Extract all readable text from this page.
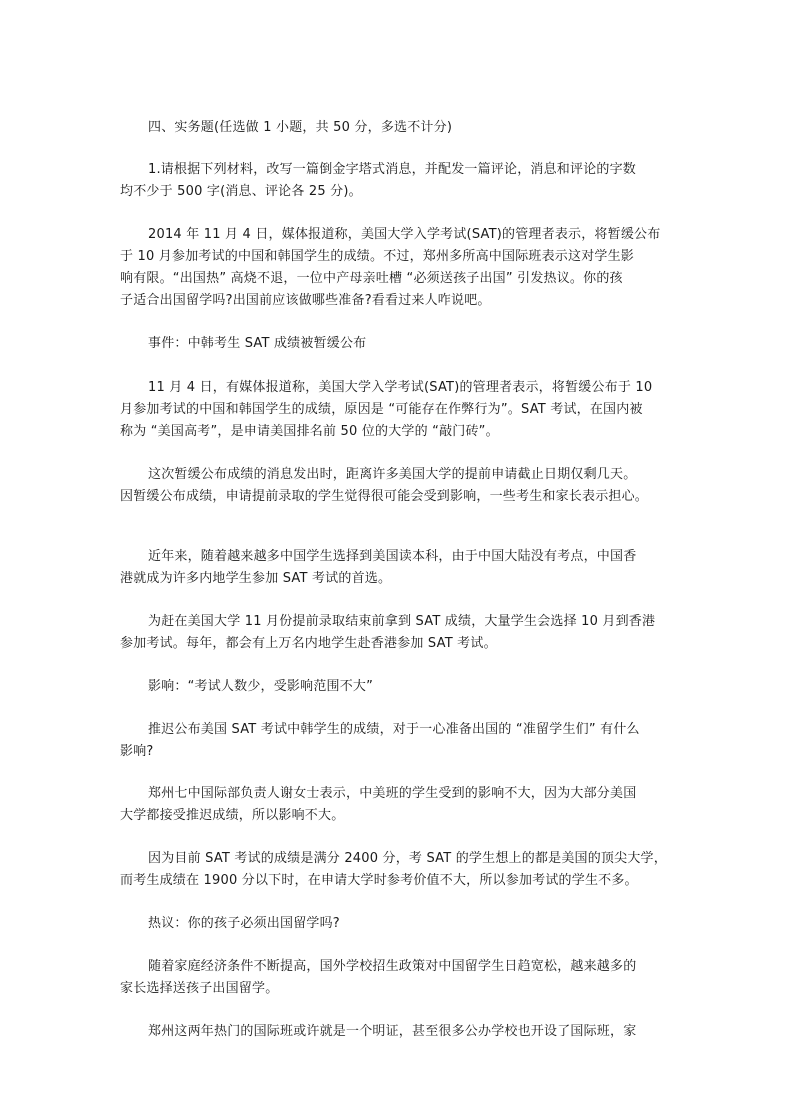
四、实务题(任选做 1 小题，共 50 分，多选不计分)
1.请根据下列材料，改写一篇倒金字塔式消息，并配发一篇评论，消息和评论的字数
均不少于 500 字(消息、评论各 25 分)。
2014 年 11 月 4 日，媒体报道称，美国大学入学考试(SAT)的管理者表示，将暂缓公布
于 10 月参加考试的中国和韩国学生的成绩。不过，郑州多所高中国际班表示这对学生影
响有限。“出国热” 高烧不退，一位中产母亲吐槽 “必须送孩子出国” 引发热议。你的孩
子适合出国留学吗?出国前应该做哪些准备?看看过来人咋说吧。
事件：中韩考生 SAT 成绩被暂缓公布
11 月 4 日，有媒体报道称，美国大学入学考试(SAT)的管理者表示，将暂缓公布于 10
月参加考试的中国和韩国学生的成绩，原因是 “可能存在作弊行为”。SAT 考试，在国内被
称为 “美国高考”，是申请美国排名前 50 位的大学的 “敲门砖”。
这次暂缓公布成绩的消息发出时，距离许多美国大学的提前申请截止日期仅剩几天。
因暂缓公布成绩，申请提前录取的学生觉得很可能会受到影响，一些考生和家长表示担心。
近年来，随着越来越多中国学生选择到美国读本科，由于中国大陆没有考点，中国香
港就成为许多内地学生参加 SAT 考试的首选。
为赶在美国大学 11 月份提前录取结束前拿到 SAT 成绩，大量学生会选择 10 月到香港
参加考试。每年，都会有上万名内地学生赴香港参加 SAT 考试。
影响：“考试人数少，受影响范围不大”
推迟公布美国 SAT 考试中韩学生的成绩，对于一心准备出国的 “准留学生们” 有什么
影响?
郑州七中国际部负责人谢女士表示，中美班的学生受到的影响不大，因为大部分美国
大学都接受推迟成绩，所以影响不大。
因为目前 SAT 考试的成绩是满分 2400 分，考 SAT 的学生想上的都是美国的顶尖大学，
而考生成绩在 1900 分以下时，在申请大学时参考价值不大，所以参加考试的学生不多。
热议：你的孩子必须出国留学吗?
随着家庭经济条件不断提高，国外学校招生政策对中国留学生日趋宽松，越来越多的
家长选择送孩子出国留学。
郑州这两年热门的国际班或许就是一个明证，甚至很多公办学校也开设了国际班，家
